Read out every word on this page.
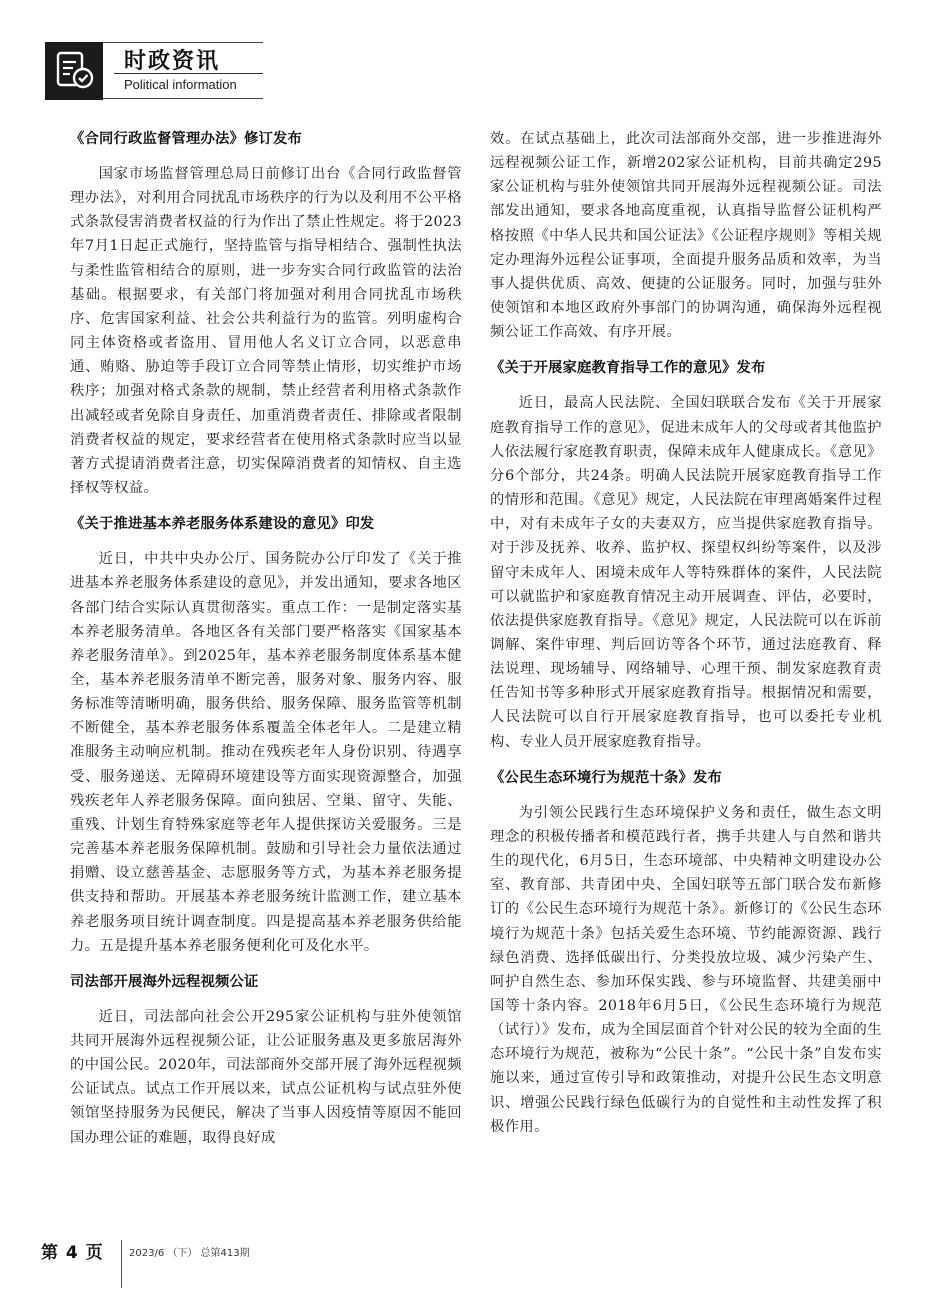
时政资讯
Political information
《合同行政监督管理办法》修订发布

国家市场监督管理总局日前修订出台《合同行政监督管理办法》，对利用合同扰乱市场秩序的行为以及利用不公平格式条款侵害消费者权益的行为作出了禁止性规定。将于2023年7月1日起正式施行，坚持监管与指导相结合、强制性执法与柔性监管相结合的原则，进一步夯实合同行政监管的法治基础。根据要求，有关部门将加强对利用合同扰乱市场秩序、危害国家利益、社会公共利益行为的监管。列明虚构合同主体资格或者盗用、冒用他人名义订立合同，以恶意串通、贿赂、胁迫等手段订立合同等禁止情形，切实维护市场秩序；加强对格式条款的规制，禁止经营者利用格式条款作出减轻或者免除自身责任、加重消费者责任、排除或者限制消费者权益的规定，要求经营者在使用格式条款时应当以显著方式提请消费者注意，切实保障消费者的知情权、自主选择权等权益。

《关于推进基本养老服务体系建设的意见》印发

近日，中共中央办公厅、国务院办公厅印发了《关于推进基本养老服务体系建设的意见》，并发出通知，要求各地区各部门结合实际认真贯彻落实。重点工作：一是制定落实基本养老服务清单。各地区各有关部门要严格落实《国家基本养老服务清单》。到2025年，基本养老服务制度体系基本健全，基本养老服务清单不断完善，服务对象、服务内容、服务标准等清晰明确，服务供给、服务保障、服务监管等机制不断健全，基本养老服务体系覆盖全体老年人。二是建立精准服务主动响应机制。推动在残疾老年人身份识别、待遇享受、服务递送、无障碍环境建设等方面实现资源整合，加强残疾老年人养老服务保障。面向独居、空巢、留守、失能、重残、计划生育特殊家庭等老年人提供探访关爱服务。三是完善基本养老服务保障机制。鼓励和引导社会力量依法通过捐赠、设立慈善基金、志愿服务等方式，为基本养老服务提供支持和帮助。开展基本养老服务统计监测工作，建立基本养老服务项目统计调查制度。四是提高基本养老服务供给能力。五是提升基本养老服务便利化可及化水平。

司法部开展海外远程视频公证

近日，司法部向社会公开295家公证机构与驻外使领馆共同开展海外远程视频公证，让公证服务惠及更多旅居海外的中国公民。2020年，司法部商外交部开展了海外远程视频公证试点。试点工作开展以来，试点公证机构与试点驻外使领馆坚持服务为民便民，解决了当事人因疫情等原因不能回国办理公证的难题，取得良好成

效。在试点基础上，此次司法部商外交部，进一步推进海外远程视频公证工作，新增202家公证机构，目前共确定295家公证机构与驻外使领馆共同开展海外远程视频公证。司法部发出通知，要求各地高度重视，认真指导监督公证机构严格按照《中华人民共和国公证法》《公证程序规则》等相关规定办理海外远程公证事项，全面提升服务品质和效率，为当事人提供优质、高效、便捷的公证服务。同时，加强与驻外使领馆和本地区政府外事部门的协调沟通，确保海外远程视频公证工作高效、有序开展。

《关于开展家庭教育指导工作的意见》发布

近日，最高人民法院、全国妇联联合发布《关于开展家庭教育指导工作的意见》，促进未成年人的父母或者其他监护人依法履行家庭教育职责，保障未成年人健康成长。《意见》分6个部分，共24条。明确人民法院开展家庭教育指导工作的情形和范围。《意见》规定，人民法院在审理离婚案件过程中，对有未成年子女的夫妻双方，应当提供家庭教育指导。对于涉及抚养、收养、监护权、探望权纠纷等案件，以及涉留守未成年人、困境未成年人等特殊群体的案件，人民法院可以就监护和家庭教育情况主动开展调查、评估，必要时，依法提供家庭教育指导。《意见》规定，人民法院可以在诉前调解、案件审理、判后回访等各个环节，通过法庭教育、释法说理、现场辅导、网络辅导、心理干预、制发家庭教育责任告知书等多种形式开展家庭教育指导。根据情况和需要，人民法院可以自行开展家庭教育指导，也可以委托专业机构、专业人员开展家庭教育指导。

《公民生态环境行为规范十条》发布

为引领公民践行生态环境保护义务和责任，做生态文明理念的积极传播者和模范践行者，携手共建人与自然和谐共生的现代化，6月5日，生态环境部、中央精神文明建设办公室、教育部、共青团中央、全国妇联等五部门联合发布新修订的《公民生态环境行为规范十条》。新修订的《公民生态环境行为规范十条》包括关爱生态环境、节约能源资源、践行绿色消费、选择低碳出行、分类投放垃圾、减少污染产生、呵护自然生态、参加环保实践、参与环境监督、共建美丽中国等十条内容。2018年6月5日，《公民生态环境行为规范（试行）》发布，成为全国层面首个针对公民的较为全面的生态环境行为规范，被称为“公民十条”。“公民十条”自发布实施以来，通过宣传引导和政策推动，对提升公民生态文明意识、增强公民践行绿色低碳行为的自觉性和主动性发挥了积极作用。

第 4 页	2023/6 （下） 总第413期
